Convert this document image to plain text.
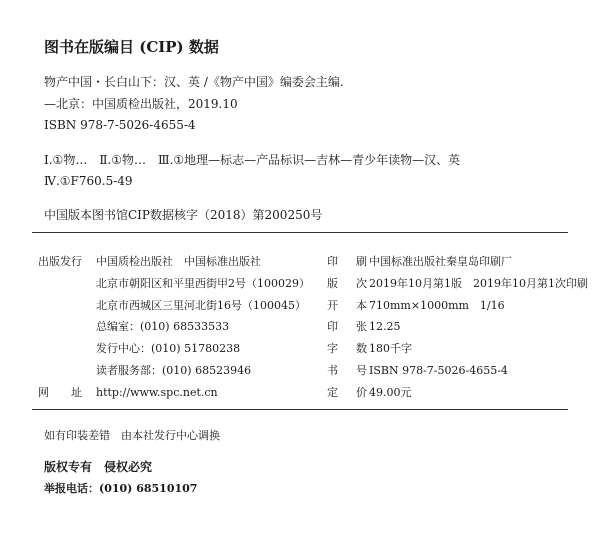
图书在版编目 (CIP) 数据
物产中国・长白山下：汉、英 /《物产中国》编委会主编.
—北京：中国质检出版社，2019.10
ISBN 978-7-5026-4655-4
Ⅰ.①物…　Ⅱ.①物…　Ⅲ.①地理—标志—产品标识—吉林—青少年读物—汉、英
Ⅳ.①F760.5-49
中国版本图书馆CIP数据核字（2018）第200250号
出版发行 中国质检出版社　中国标准出版社
北京市朝阳区和平里西街甲2号（100029）
北京市西城区三里河北街16号（100045）
总编室：(010) 68533533
发行中心：(010) 51780238
读者服务部：(010) 68523946
网　址 http://www.spc.net.cn
印　刷 中国标准出版社秦皇岛印刷厂
版　次 2019年10月第1版　2019年10月第1次印刷
开　本 710mm×1000mm　1/16
印　张 12.25
字　数 180千字
书　号 ISBN 978-7-5026-4655-4
定　价 49.00元
如有印装差错　由本社发行中心调换
版权专有　侵权必究
举报电话：(010) 68510107
